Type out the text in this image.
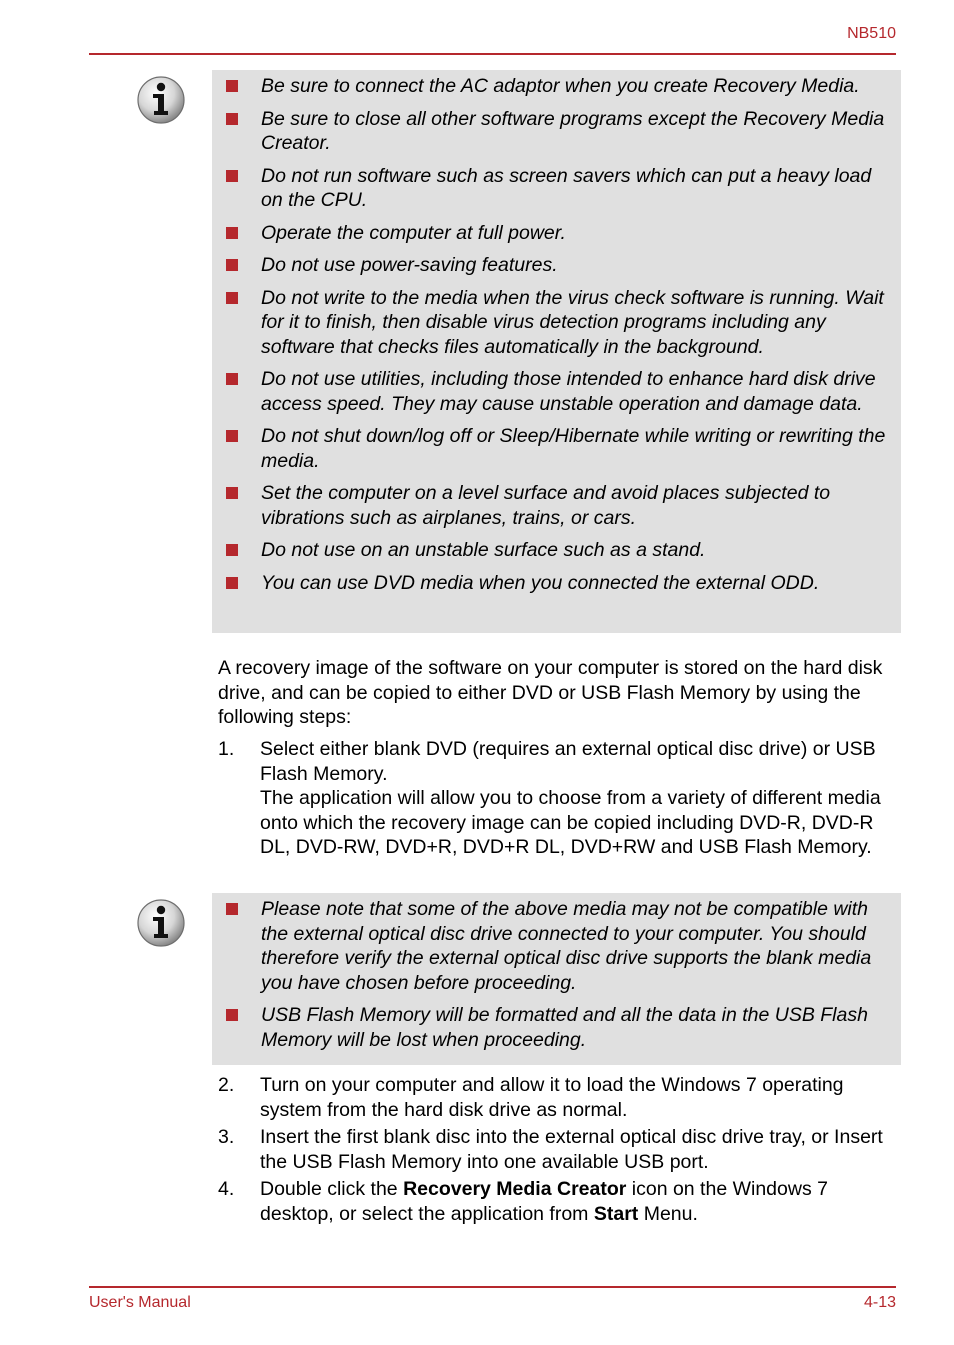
NB510
Be sure to connect the AC adaptor when you create Recovery Media.
Be sure to close all other software programs except the Recovery Media Creator.
Do not run software such as screen savers which can put a heavy load on the CPU.
Operate the computer at full power.
Do not use power-saving features.
Do not write to the media when the virus check software is running. Wait for it to finish, then disable virus detection programs including any software that checks files automatically in the background.
Do not use utilities, including those intended to enhance hard disk drive access speed. They may cause unstable operation and damage data.
Do not shut down/log off or Sleep/Hibernate while writing or rewriting the media.
Set the computer on a level surface and avoid places subjected to vibrations such as airplanes, trains, or cars.
Do not use on an unstable surface such as a stand.
You can use DVD media when you connected the external ODD.
A recovery image of the software on your computer is stored on the hard disk drive, and can be copied to either DVD or USB Flash Memory by using the following steps:
1. Select either blank DVD (requires an external optical disc drive) or USB Flash Memory.
The application will allow you to choose from a variety of different media onto which the recovery image can be copied including DVD-R, DVD-R DL, DVD-RW, DVD+R, DVD+R DL, DVD+RW and USB Flash Memory.
Please note that some of the above media may not be compatible with the external optical disc drive connected to your computer. You should therefore verify the external optical disc drive supports the blank media you have chosen before proceeding.
USB Flash Memory will be formatted and all the data in the USB Flash Memory will be lost when proceeding.
2. Turn on your computer and allow it to load the Windows 7 operating system from the hard disk drive as normal.
3. Insert the first blank disc into the external optical disc drive tray, or Insert the USB Flash Memory into one available USB port.
4. Double click the Recovery Media Creator icon on the Windows 7 desktop, or select the application from Start Menu.
User's Manual	4-13
